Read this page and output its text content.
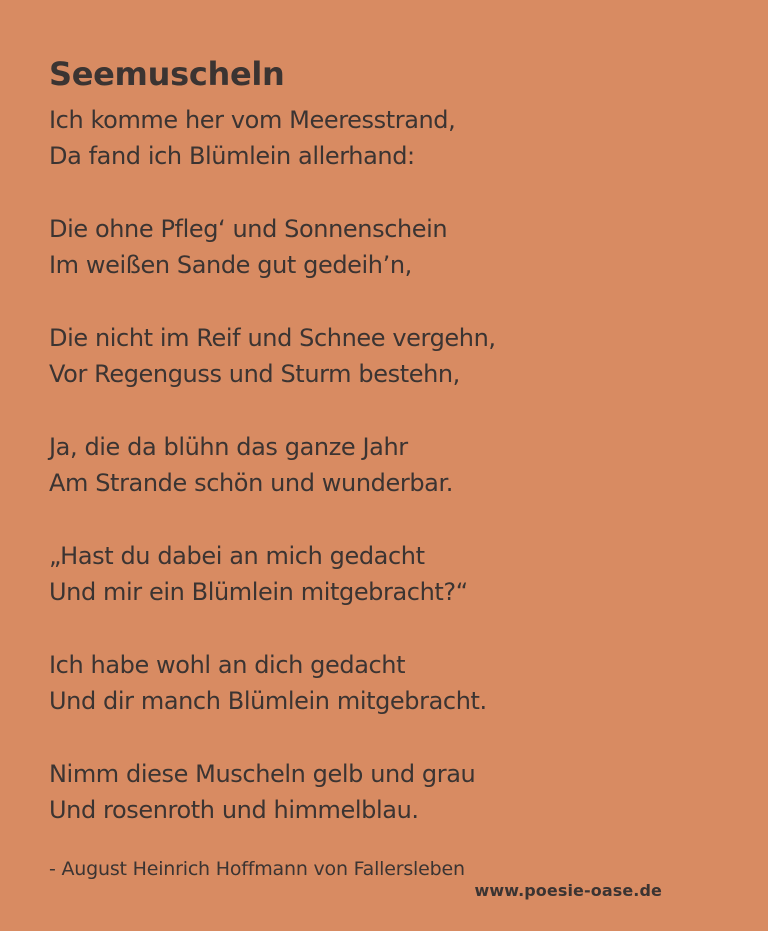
Seemuscheln
Ich komme her vom Meeresstrand,
Da fand ich Blümlein allerhand:
Die ohne Pfleg‘ und Sonnenschein
Im weißen Sande gut gedeih’n,
Die nicht im Reif und Schnee vergehn,
Vor Regenguss und Sturm bestehn,
Ja, die da blühn das ganze Jahr
Am Strande schön und wunderbar.
„Hast du dabei an mich gedacht
Und mir ein Blümlein mitgebracht?“
Ich habe wohl an dich gedacht
Und dir manch Blümlein mitgebracht.
Nimm diese Muscheln gelb und grau
Und rosenroth und himmelblau.
- August Heinrich Hoffmann von Fallersleben
www.poesie-oase.de
